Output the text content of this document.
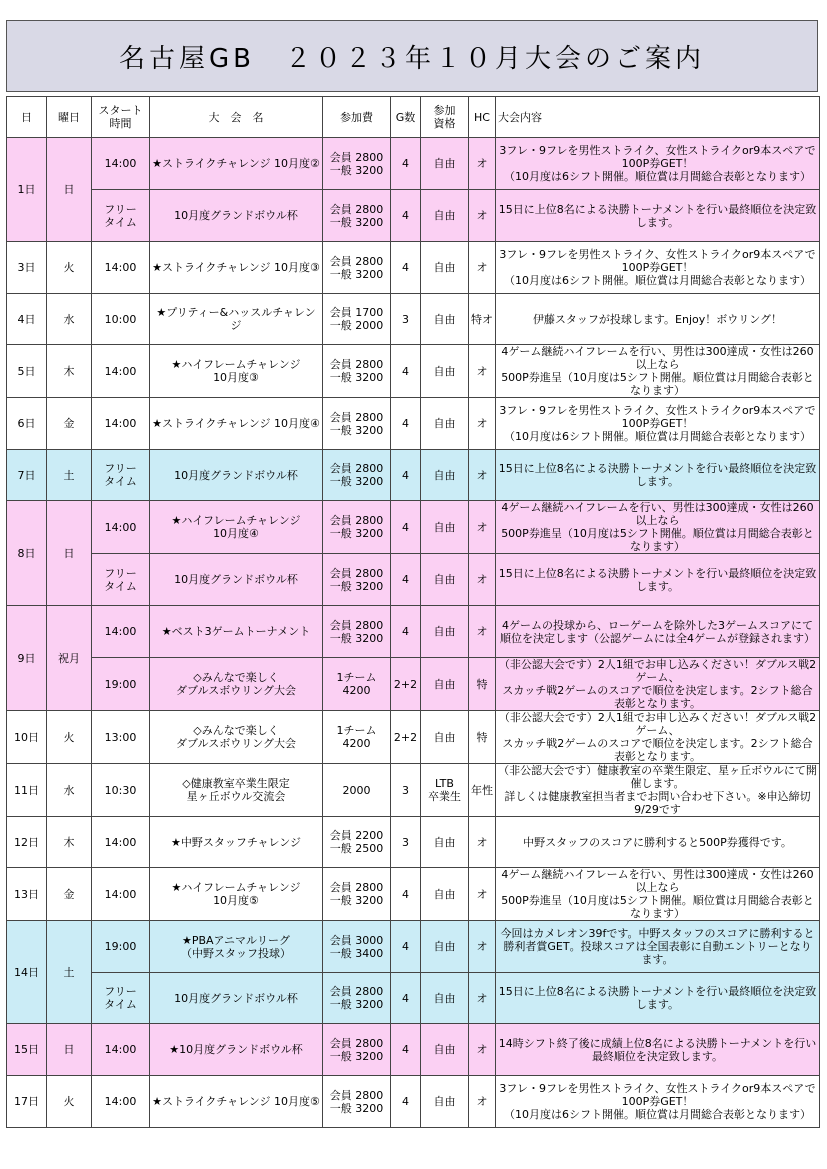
名古屋GB　２０２３年１０月大会のご案内
日	曜日	スタート
時間	大　会　名	参加費	G数	参加
資格	HC	大会内容
1日	日	14:00	★ストライクチャレンジ 10月度②	会員 2800
一般 3200	4	自由	オ	3フレ・9フレを男性ストライク、女性ストライクor9本スペアで100P券GET！
（10月度は6シフト開催。順位賞は月間総合表彰となります）
		フリー
タイム	10月度グランドボウル杯	会員 2800
一般 3200	4	自由	オ	15日に上位8名による決勝トーナメントを行い最終順位を決定致します。
3日	火	14:00	★ストライクチャレンジ 10月度③	会員 2800
一般 3200	4	自由	オ	3フレ・9フレを男性ストライク、女性ストライクor9本スペアで100P券GET！
（10月度は6シフト開催。順位賞は月間総合表彰となります）
4日	水	10:00	★プリティー&ハッスルチャレンジ	会員 1700
一般 2000	3	自由	特オ	伊藤スタッフが投球します。Enjoy！ボウリング！
5日	木	14:00	★ハイフレームチャレンジ
10月度③	会員 2800
一般 3200	4	自由	オ	4ゲーム継続ハイフレームを行い、男性は300達成・女性は260以上なら
500P券進呈（10月度は5シフト開催。順位賞は月間総合表彰となります）
6日	金	14:00	★ストライクチャレンジ 10月度④	会員 2800
一般 3200	4	自由	オ	3フレ・9フレを男性ストライク、女性ストライクor9本スペアで100P券GET！
（10月度は6シフト開催。順位賞は月間総合表彰となります）
7日	土	フリー
タイム	10月度グランドボウル杯	会員 2800
一般 3200	4	自由	オ	15日に上位8名による決勝トーナメントを行い最終順位を決定致します。
8日	日	14:00	★ハイフレームチャレンジ
10月度④	会員 2800
一般 3200	4	自由	オ	4ゲーム継続ハイフレームを行い、男性は300達成・女性は260以上なら
500P券進呈（10月度は5シフト開催。順位賞は月間総合表彰となります）
		フリー
タイム	10月度グランドボウル杯	会員 2800
一般 3200	4	自由	オ	15日に上位8名による決勝トーナメントを行い最終順位を決定致します。
9日	祝月	14:00	★ベスト3ゲームトーナメント	会員 2800
一般 3200	4	自由	オ	4ゲームの投球から、ローゲームを除外した3ゲームスコアにて
順位を決定します（公認ゲームには全4ゲームが登録されます）
		19:00	◇みんなで楽しく
ダブルスボウリング大会	1チーム
4200	2+2	自由	特	（非公認大会です）2人1組でお申し込みください！ダブルス戦2ゲーム、
スカッチ戦2ゲームのスコアで順位を決定します。2シフト総合表彰となります。
10日	火	13:00	◇みんなで楽しく
ダブルスボウリング大会	1チーム
4200	2+2	自由	特	（非公認大会です）2人1組でお申し込みください！ダブルス戦2ゲーム、
スカッチ戦2ゲームのスコアで順位を決定します。2シフト総合表彰となります。
11日	水	10:30	◇健康教室卒業生限定
星ヶ丘ボウル交流会	2000	3	LTB
卒業生	年性	（非公認大会です）健康教室の卒業生限定、星ヶ丘ボウルにて開催します。
詳しくは健康教室担当者までお問い合わせ下さい。※申込締切9/29です
12日	木	14:00	★中野スタッフチャレンジ	会員 2200
一般 2500	3	自由	オ	中野スタッフのスコアに勝利すると500P券獲得です。
13日	金	14:00	★ハイフレームチャレンジ
10月度⑤	会員 2800
一般 3200	4	自由	オ	4ゲーム継続ハイフレームを行い、男性は300達成・女性は260以上なら
500P券進呈（10月度は5シフト開催。順位賞は月間総合表彰となります）
14日	土	19:00	★PBAアニマルリーグ
（中野スタッフ投球）	会員 3000
一般 3400	4	自由	オ	今回はカメレオン39fです。中野スタッフのスコアに勝利すると
勝利者賞GET。投球スコアは全国表彰に自動エントリーとなります。
		フリー
タイム	10月度グランドボウル杯	会員 2800
一般 3200	4	自由	オ	15日に上位8名による決勝トーナメントを行い最終順位を決定致します。
15日	日	14:00	★10月度グランドボウル杯	会員 2800
一般 3200	4	自由	オ	14時シフト終了後に成績上位8名による決勝トーナメントを行い
最終順位を決定致します。
17日	火	14:00	★ストライクチャレンジ 10月度⑤	会員 2800
一般 3200	4	自由	オ	3フレ・9フレを男性ストライク、女性ストライクor9本スペアで100P券GET！
（10月度は6シフト開催。順位賞は月間総合表彰となります）
